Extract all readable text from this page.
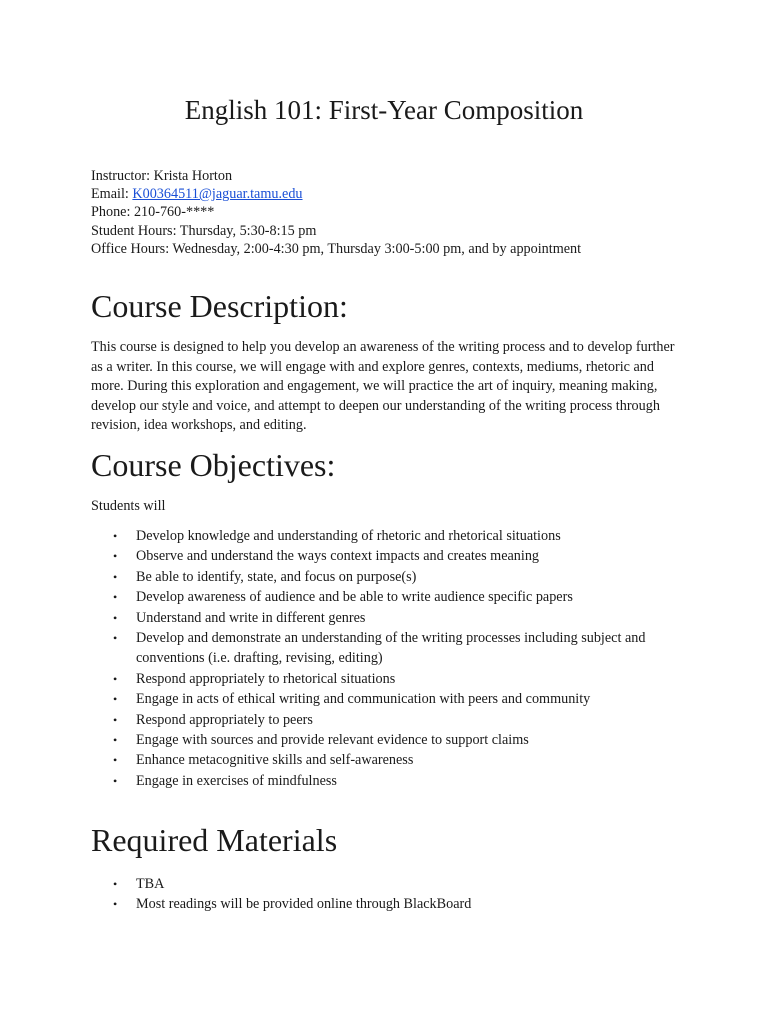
English 101: First-Year Composition
Instructor: Krista Horton
Email: K00364511@jaguar.tamu.edu
Phone: 210-760-****
Student Hours: Thursday, 5:30-8:15 pm
Office Hours: Wednesday, 2:00-4:30 pm, Thursday 3:00-5:00 pm, and by appointment
Course Description:

This course is designed to help you develop an awareness of the writing process and to develop further as a writer. In this course, we will engage with and explore genres, contexts, mediums, rhetoric and more. During this exploration and engagement, we will practice the art of inquiry, meaning making, develop our style and voice, and attempt to deepen our understanding of the writing process through revision, idea workshops, and editing.

Course Objectives:

Students will

• Develop knowledge and understanding of rhetoric and rhetorical situations
• Observe and understand the ways context impacts and creates meaning
• Be able to identify, state, and focus on purpose(s)
• Develop awareness of audience and be able to write audience specific papers
• Understand and write in different genres
• Develop and demonstrate an understanding of the writing processes including subject and conventions (i.e. drafting, revising, editing)
• Respond appropriately to rhetorical situations
• Engage in acts of ethical writing and communication with peers and community
• Respond appropriately to peers
• Engage with sources and provide relevant evidence to support claims
• Enhance metacognitive skills and self-awareness
• Engage in exercises of mindfulness
Required Materials
• TBA
• Most readings will be provided online through BlackBoard
